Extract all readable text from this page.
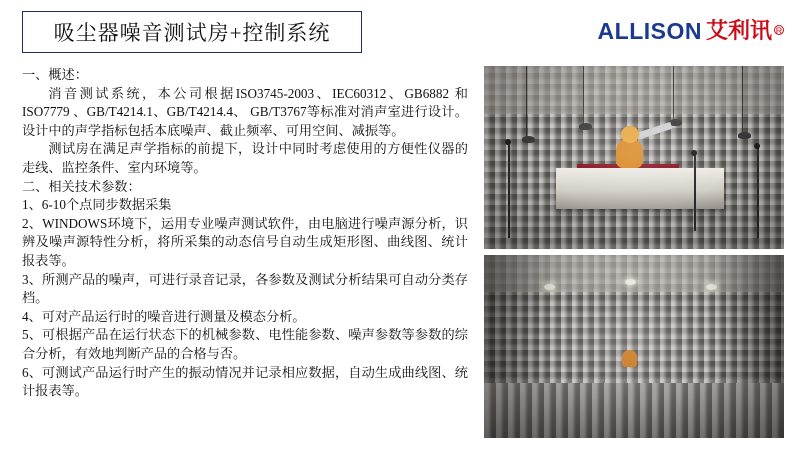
吸尘器噪音测试房+控制系统	ALLISON 艾利讯 R

一、概述：

消音测试系统，本公司根据ISO3745-2003、IEC60312、GB6882 和ISO7779 、GB/T4214.1、GB/T4214.4、 GB/T3767等标准对消声室进行设计。设计中的声学指标包括本底噪声、截止频率、可用空间、减振等。

测试房在满足声学指标的前提下，设计中同时考虑使用的方便性仪器的走线、监控条件、室内环境等。

二、相关技术参数：

1、6-10个点同步数据采集

2、WINDOWS环境下，运用专业噪声测试软件，由电脑进行噪声源分析，识辨及噪声源特性分析，将所采集的动态信号自动生成矩形图、曲线图、统计报表等。

3、所测产品的噪声，可进行录音记录，各参数及测试分析结果可自动分类存档。

4、可对产品运行时的噪音进行测量及模态分析。

5、可根据产品在运行状态下的机械参数、电性能参数、噪声参数等参数的综合分析，有效地判断产品的合格与否。

6、可测试产品运行时产生的振动情况并记录相应数据，自动生成曲线图、统计报表等。
